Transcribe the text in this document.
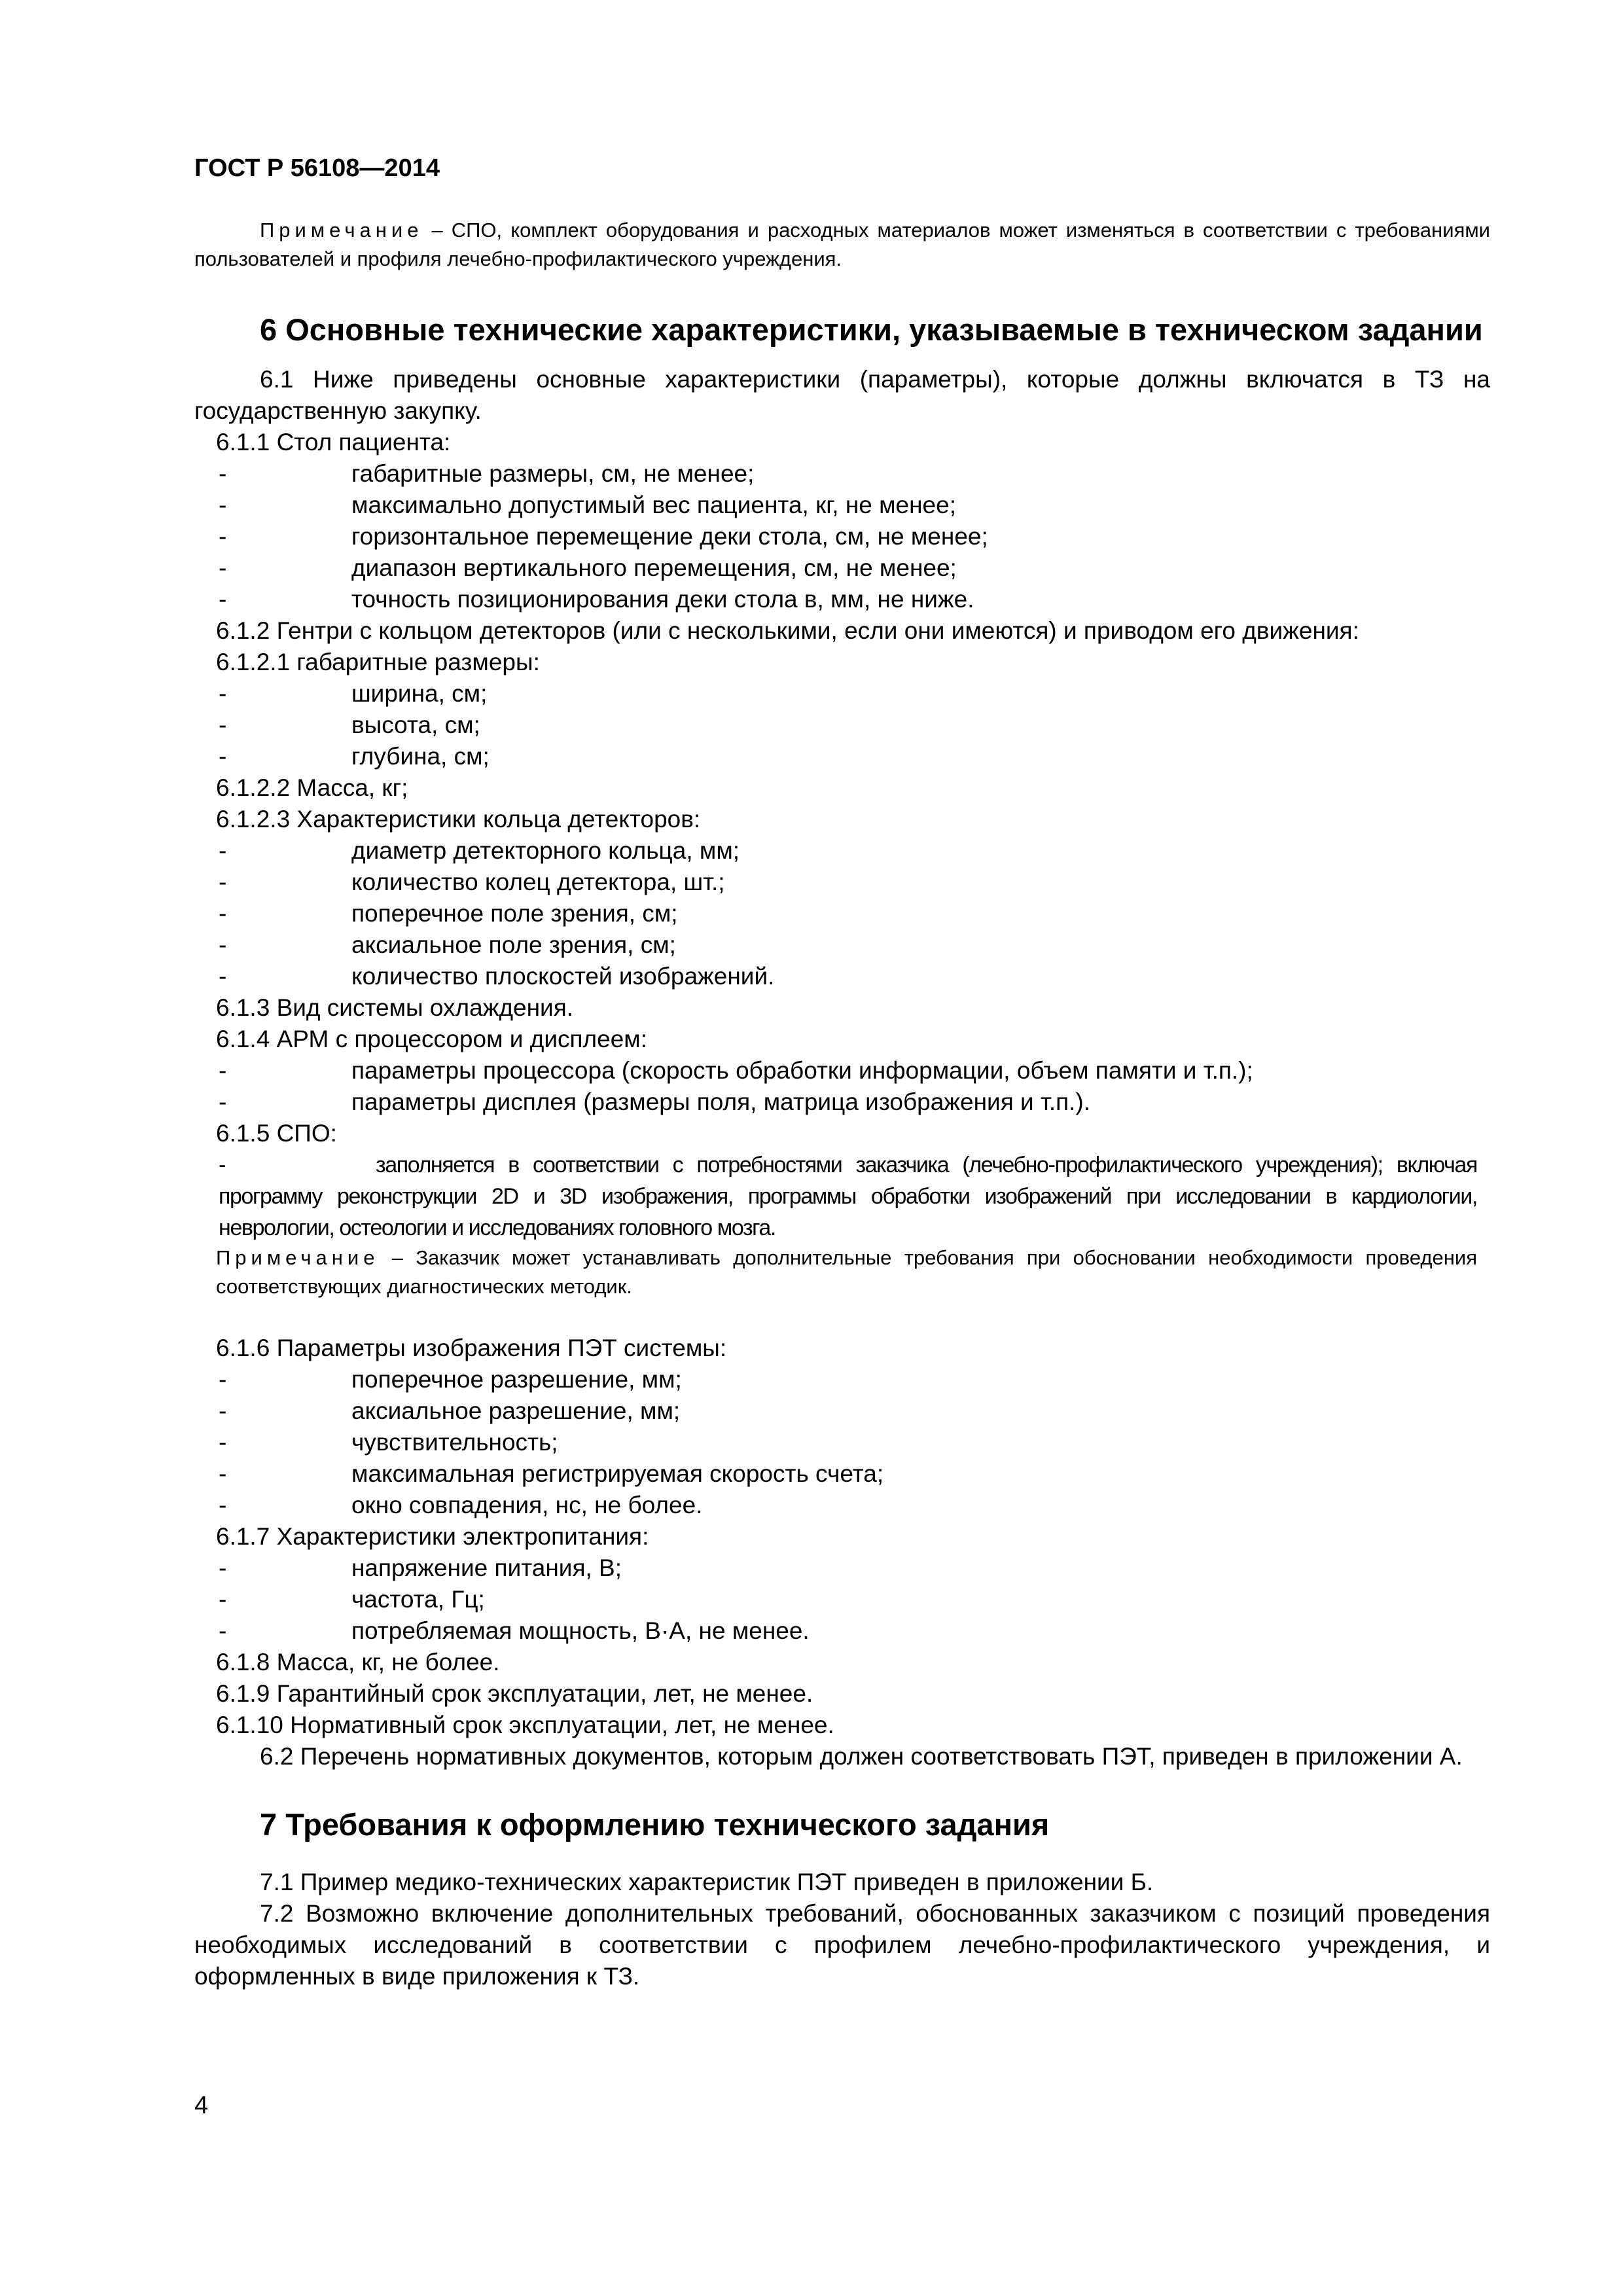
ГОСТ Р 56108—2014

Примечание – СПО, комплект оборудования и расходных материалов может изменяться в соответствии с требованиями пользователей и профиля лечебно-профилактического учреждения.

6 Основные технические характеристики, указываемые в техническом задании

6.1 Ниже приведены основные характеристики (параметры), которые должны включатся в ТЗ на государственную закупку.

6.1.1 Стол пациента:

- габаритные размеры, см, не менее;
- максимально допустимый вес пациента, кг, не менее;
- горизонтальное перемещение деки стола, см, не менее;
- диапазон вертикального перемещения, см, не менее;
- точность позиционирования деки стола в, мм, не ниже.

6.1.2 Гентри с кольцом детекторов (или с несколькими, если они имеются) и приводом его движения:

6.1.2.1 габаритные размеры:

- ширина, см;
- высота, см;
- глубина, см;

6.1.2.2 Масса, кг;

6.1.2.3 Характеристики кольца детекторов:

- диаметр детекторного кольца, мм;
- количество колец детектора, шт.;
- поперечное поле зрения, см;
- аксиальное поле зрения, см;
- количество плоскостей изображений.

6.1.3 Вид системы охлаждения.

6.1.4 АРМ с процессором и дисплеем:

- параметры процессора (скорость обработки информации, объем памяти и т.п.);
- параметры дисплея (размеры поля, матрица изображения и т.п.).

6.1.5 СПО:

-	заполняется в соответствии с потребностями заказчика (лечебно-профилактического учреждения); включая программу реконструкции 2D и 3D изображения, программы обработки изображений при исследовании в кардиологии, неврологии, остеологии и исследованиях головного мозга.

Примечание – Заказчик может устанавливать дополнительные требования при обосновании необходимости проведения соответствующих диагностических методик.

6.1.6 Параметры изображения ПЭТ системы:

- поперечное разрешение, мм;
- аксиальное разрешение, мм;
- чувствительность;
- максимальная регистрируемая скорость счета;
- окно совпадения, нс, не более.

6.1.7 Характеристики электропитания:

- напряжение питания, В;
- частота, Гц;
- потребляемая мощность, В·А, не менее.

6.1.8 Масса, кг, не более.

6.1.9 Гарантийный срок эксплуатации, лет, не менее.

6.1.10 Нормативный срок эксплуатации, лет, не менее.

6.2 Перечень нормативных документов, которым должен соответствовать ПЭТ, приведен в приложении А.

7 Требования к оформлению технического задания

7.1 Пример медико-технических характеристик ПЭТ приведен в приложении Б.

7.2 Возможно включение дополнительных требований, обоснованных заказчиком с позиций проведения необходимых исследований в соответствии с профилем лечебно-профилактического учреждения, и оформленных в виде приложения к ТЗ.

4
